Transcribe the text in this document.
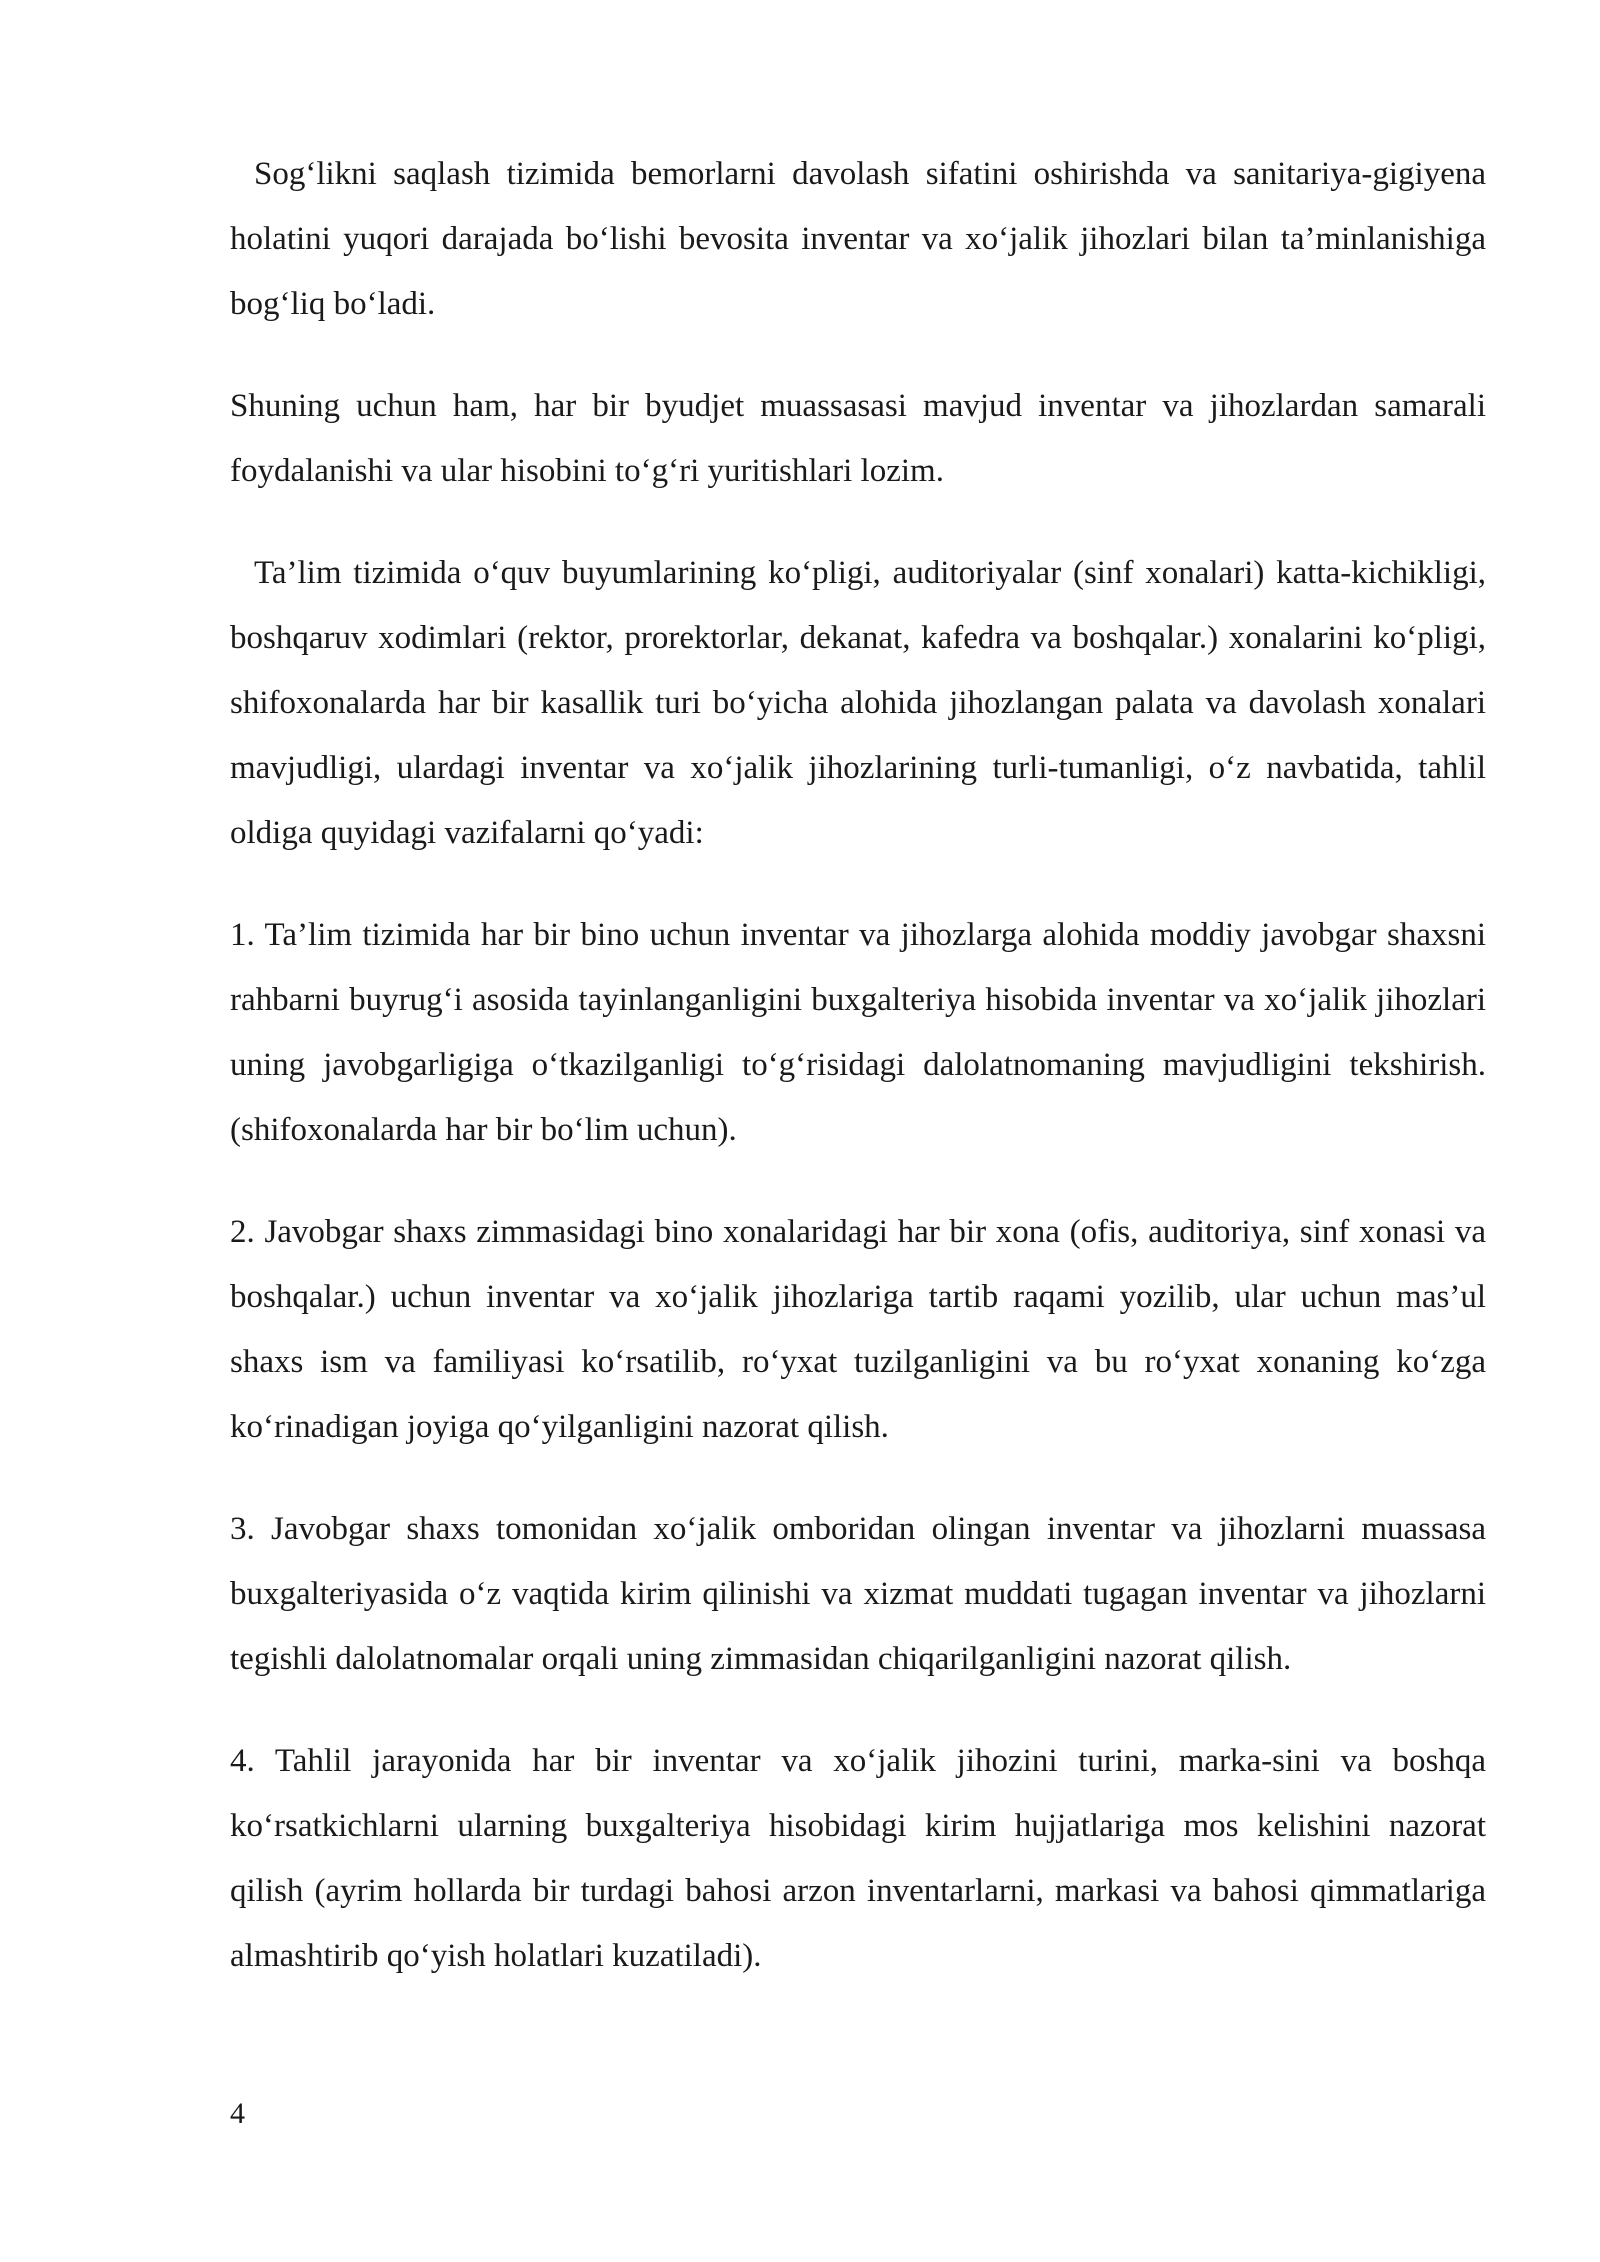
Sog‘likni saqlash tizimida bemorlarni davolash sifatini oshirishda va sanitariya-gigiyena holatini yuqori darajada bo‘lishi bevosita inventar va xo‘jalik jihozlari bilan ta’minlanishiga bog‘liq bo‘ladi.

Shuning uchun ham, har bir byudjet muassasasi mavjud inventar va jihozlardan samarali foydalanishi va ular hisobini to‘g‘ri yuritishlari lozim.

Ta’lim tizimida o‘quv buyumlarining ko‘pligi, auditoriyalar (sinf xonalari) katta-kichikligi, boshqaruv xodimlari (rektor, prorektorlar, dekanat, kafedra va boshqalar.) xonalarini ko‘pligi, shifoxonalarda har bir kasallik turi bo‘yicha alohida jihozlangan palata va davolash xonalari mavjudligi, ulardagi inventar va xo‘jalik jihozlarining turli-tumanligi, o‘z navbatida, tahlil oldiga quyidagi vazifalarni qo‘yadi:

1. Ta’lim tizimida har bir bino uchun inventar va jihozlarga alohida moddiy javobgar shaxsni rahbarni buyrug‘i asosida tayinlanganligini buxgalteriya hisobida inventar va xo‘jalik jihozlari uning javobgarligiga o‘tkazilganligi to‘g‘risidagi dalolatnomaning mavjudligini tekshirish. (shifoxonalarda har bir bo‘lim uchun).

2. Javobgar shaxs zimmasidagi bino xonalaridagi har bir xona (ofis, auditoriya, sinf xonasi va boshqalar.) uchun inventar va xo‘jalik jihozlariga tartib raqami yozilib, ular uchun mas’ul shaxs ism va familiyasi ko‘rsatilib, ro‘yxat tuzilganligini va bu ro‘yxat xonaning ko‘zga ko‘rinadigan joyiga qo‘yilganligini nazorat qilish.

3. Javobgar shaxs tomonidan xo‘jalik omboridan olingan inventar va jihozlarni muassasa buxgalteriyasida o‘z vaqtida kirim qilinishi va xizmat muddati tugagan inventar va jihozlarni tegishli dalolatnomalar orqali uning zimmasidan chiqarilganligini nazorat qilish.

4. Tahlil jarayonida har bir inventar va xo‘jalik jihozini turini, marka-sini va boshqa ko‘rsatkichlarni ularning buxgalteriya hisobidagi kirim hujjatlariga mos kelishini nazorat qilish (ayrim hollarda bir turdagi bahosi arzon inventarlarni, markasi va bahosi qimmatlariga almashtirib qo‘yish holatlari kuzatiladi).

4
